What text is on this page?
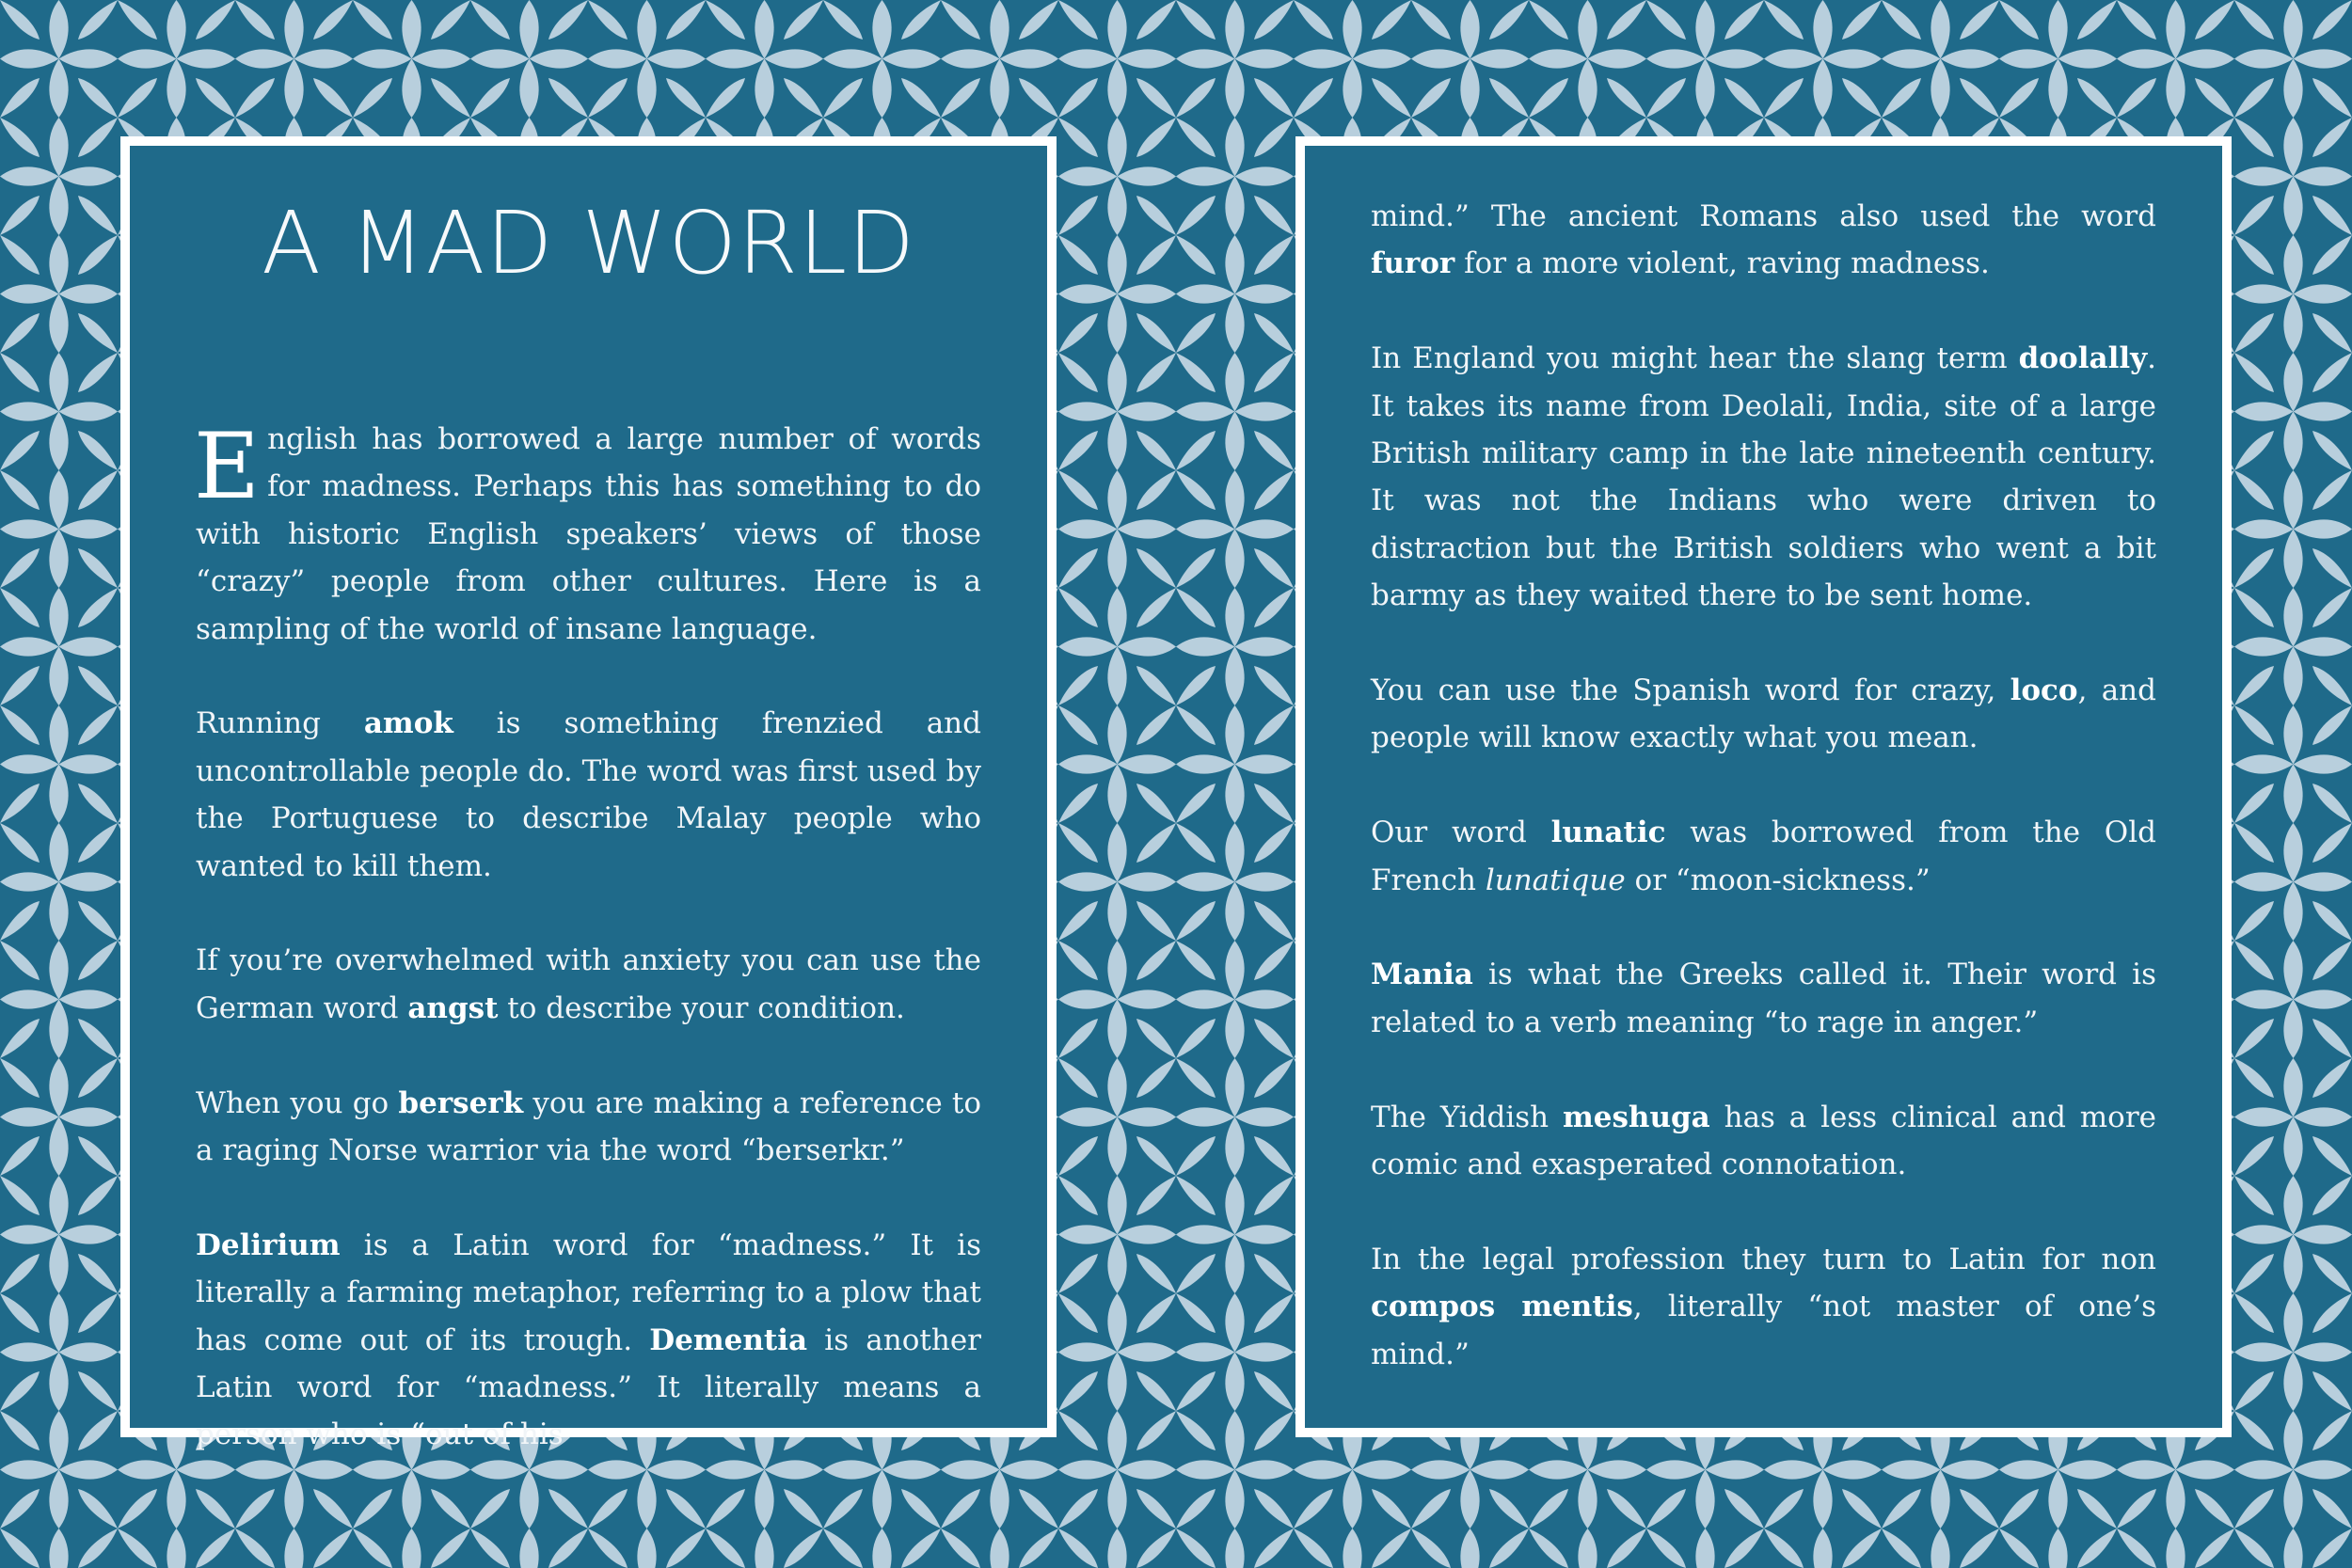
A MAD WORLD

English has borrowed a large number of words for madness. Perhaps this has something to do with historic English speakers’ views of those “crazy” people from other cultures. Here is a sampling of the world of insane language.

Running amok is something frenzied and uncontrollable people do. The word was first used by the Portuguese to describe Malay people who wanted to kill them.

If you’re overwhelmed with anxiety you can use the German word angst to describe your condition.

When you go berserk you are making a reference to a raging Norse warrior via the word “berserkr.”

Delirium is a Latin word for “madness.” It is literally a farming metaphor, referring to a plow that has come out of its trough. Dementia is another Latin word for “madness.” It literally means a person who is “out of his

mind.” The ancient Romans also used the word furor for a more violent, raving madness.

In England you might hear the slang term doolally. It takes its name from Deolali, India, site of a large British military camp in the late nineteenth century. It was not the Indians who were driven to distraction but the British soldiers who went a bit barmy as they waited there to be sent home.

You can use the Spanish word for crazy, loco, and people will know exactly what you mean.

Our word lunatic was borrowed from the Old French lunatique or “moon-sickness.”

Mania is what the Greeks called it. Their word is related to a verb meaning “to rage in anger.”

The Yiddish meshuga has a less clinical and more comic and exasperated connotation.

In the legal profession they turn to Latin for non compos mentis, literally “not master of one’s mind.”
